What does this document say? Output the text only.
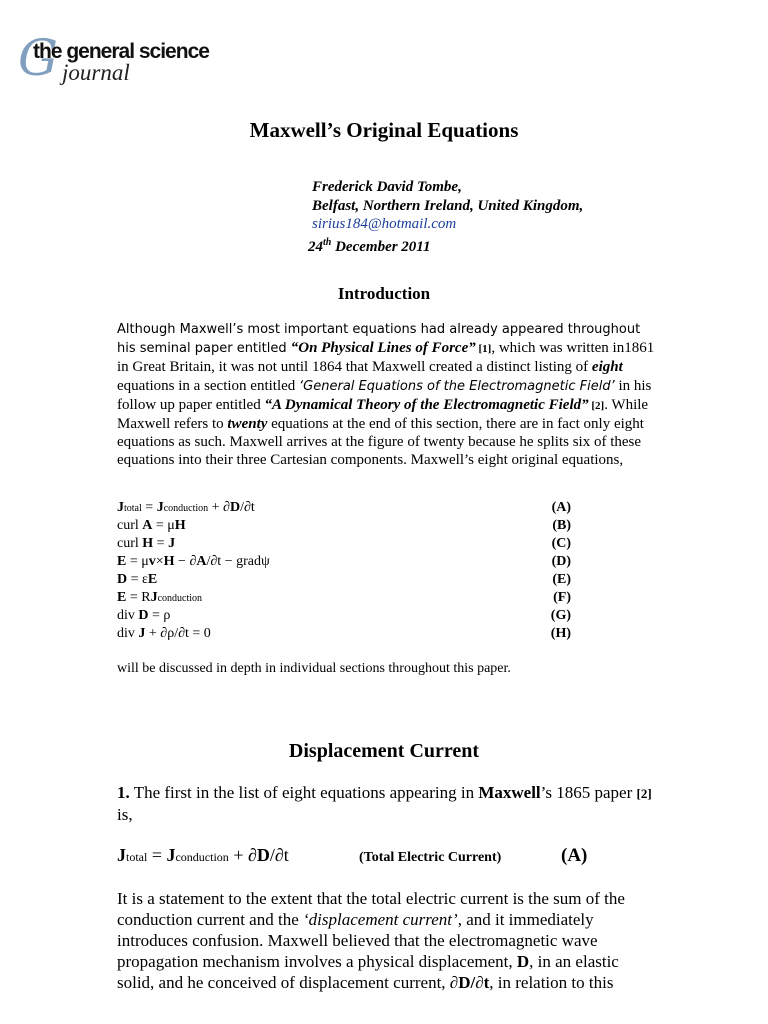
G
the general science
journal
Maxwell’s Original Equations
Frederick David Tombe,
Belfast, Northern Ireland, United Kingdom,
sirius184@hotmail.com
24th December 2011
Introduction
Although Maxwell’s most important equations had already appeared throughout his seminal paper entitled “On Physical Lines of Force” [1], which was written in1861 in Great Britain, it was not until 1864 that Maxwell created a distinct listing of eight equations in a section entitled ‘General Equations of the Electromagnetic Field’ in his follow up paper entitled “A Dynamical Theory of the Electromagnetic Field” [2]. While Maxwell refers to twenty equations at the end of this section, there are in fact only eight equations as such. Maxwell arrives at the figure of twenty because he splits six of these equations into their three Cartesian components. Maxwell’s eight original equations,
Jtotal = Jconduction + ∂D/∂t	(A)
curl A = μH	(B)
curl H = J	(C)
E = μv×H − ∂A/∂t − gradψ	(D)
D = εE	(E)
E = RJconduction	(F)
div D = ρ	(G)
div J + ∂ρ/∂t = 0	(H)
will be discussed in depth in individual sections throughout this paper.
Displacement Current
1. The first in the list of eight equations appearing in Maxwell’s 1865 paper [2] is,
Jtotal = Jconduction + ∂D/∂t	(Total Electric Current)	(A)
It is a statement to the extent that the total electric current is the sum of the conduction current and the ‘displacement current’, and it immediately introduces confusion. Maxwell believed that the electromagnetic wave propagation mechanism involves a physical displacement, D, in an elastic solid, and he conceived of displacement current, ∂D/∂t, in relation to this
